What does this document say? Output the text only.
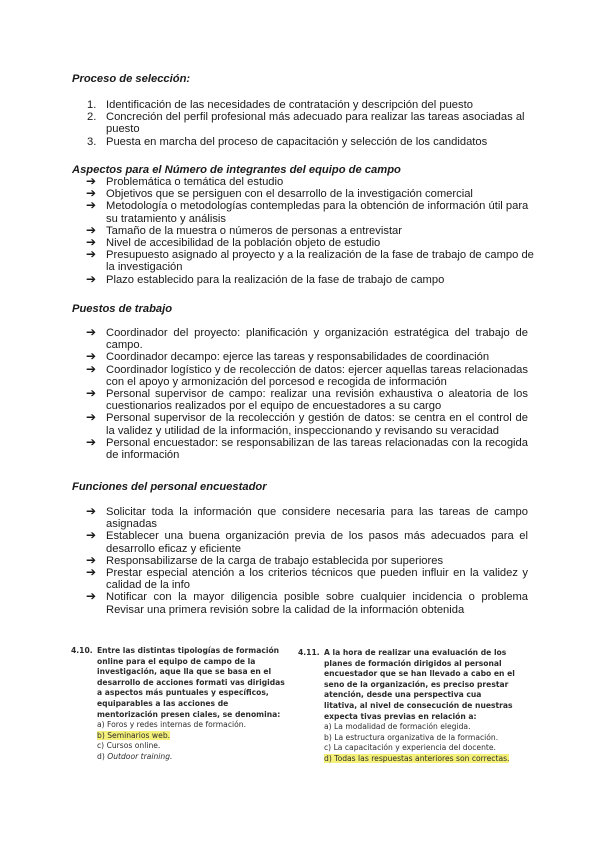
Proceso de selección:
1. Identificación de las necesidades de contratación y descripción del puesto
2. Concreción del perfil profesional más adecuado para realizar las tareas asociadas al puesto
3. Puesta en marcha del proceso de capacitación y selección de los candidatos
Aspectos para el Número de integrantes del equipo de campo
➔ Problemática o temática del estudio
➔ Objetivos que se persiguen con el desarrollo de la investigación comercial
➔ Metodología o metodologías contempledas para la obtención de información útil para su tratamiento y análisis
➔ Tamaño de la muestra o números de personas a entrevistar
➔ Nivel de accesibilidad de la población objeto de estudio
➔ Presupuesto asignado al proyecto y a la realización de la fase de trabajo de campo de la investigación
➔ Plazo establecido para la realización de la fase de trabajo de campo
Puestos de trabajo
➔ Coordinador del proyecto: planificación y organización estratégica del trabajo de campo.
➔ Coordinador decampo: ejerce las tareas y responsabilidades de coordinación
➔ Coordinador logístico y de recolección de datos: ejercer aquellas tareas relacionadas con el apoyo y armonización del porcesod e recogida de información
➔ Personal supervisor de campo: realizar una revisión exhaustiva o aleatoria de los cuestionarios realizados por el equipo de encuestadores a su cargo
➔ Personal supervisor de la recolección y gestión de datos: se centra en el control de la validez y utilidad de la información, inspeccionando y revisando su veracidad
➔ Personal encuestador: se responsabilizan de las tareas relacionadas con la recogida de información
Funciones del personal encuestador
➔ Solicitar toda la información que considere necesaria para las tareas de campo asignadas
➔ Establecer una buena organización previa de los pasos más adecuados para el desarrollo eficaz y eficiente
➔ Responsabilizarse de la carga de trabajo establecida por superiores
➔ Prestar especial atención a los criterios técnicos que pueden influir en la validez y calidad de la info
➔ Notificar con la mayor diligencia posible sobre cualquier incidencia o problema Revisar una primera revisión sobre la calidad de la información obtenida
4.10. Entre las distintas tipologías de formación online para el equipo de campo de la investigación, aque lla que se basa en el desarrollo de acciones formati vas dirigidas a aspectos más puntuales y específicos, equiparables a las acciones de mentorización presen ciales, se denomina:
a) Foros y redes internas de formación.
b) Seminarios web.
c) Cursos online.
d) Outdoor training.
4.11. A la hora de realizar una evaluación de los planes de formación dirigidos al personal encuestador que se han llevado a cabo en el seno de la organización, es preciso prestar atención, desde una perspectiva cua litativa, al nivel de consecución de nuestras expecta tivas previas en relación a:
a) La modalidad de formación elegida.
b) La estructura organizativa de la formación.
c) La capacitación y experiencia del docente.
d) Todas las respuestas anteriores son correctas.
